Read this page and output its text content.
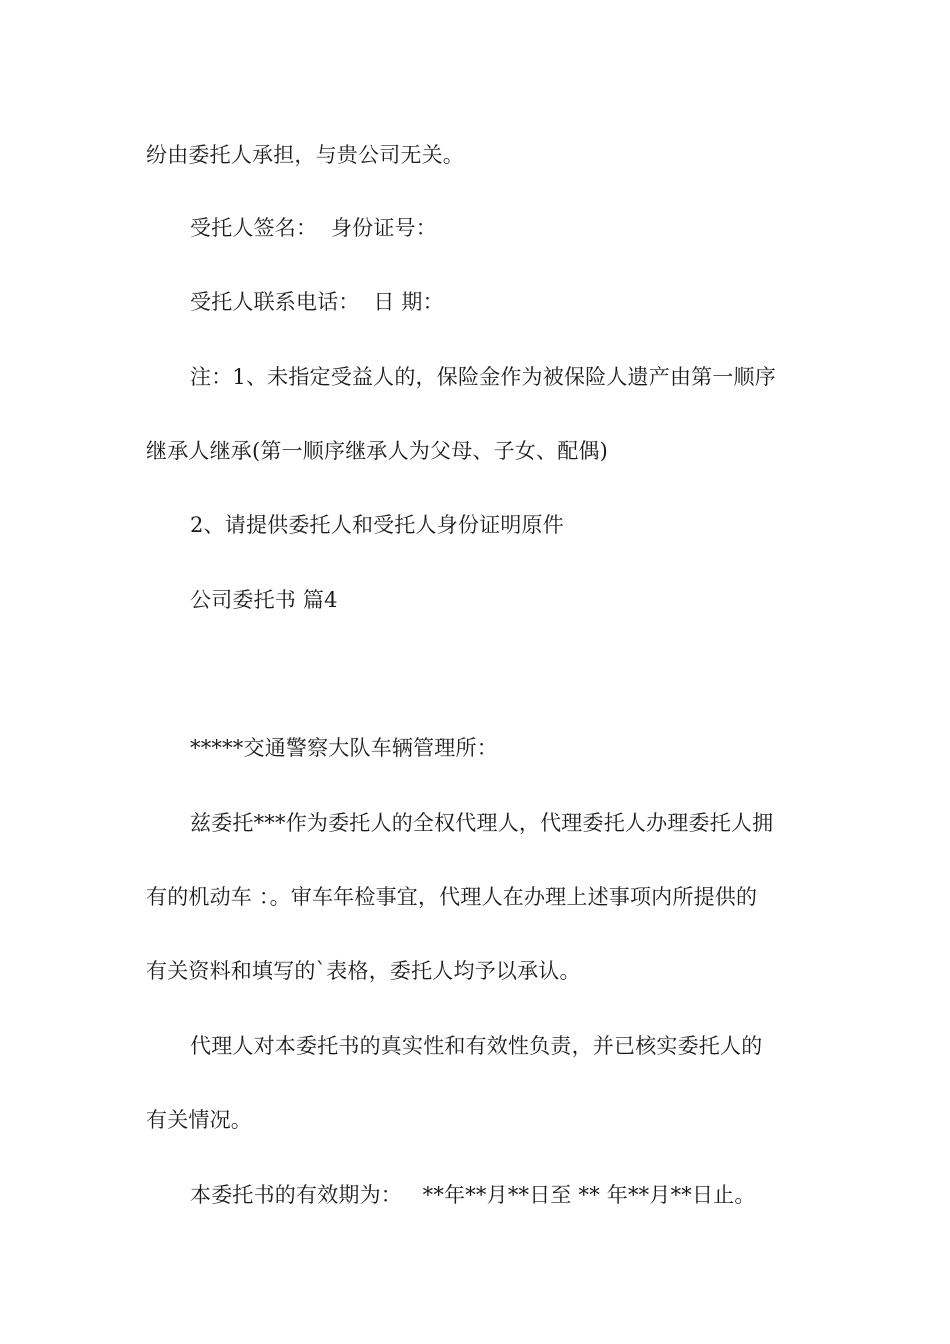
纷由委托人承担，与贵公司无关。
受托人签名：  身份证号：
受托人联系电话：  日 期：
注：1、未指定受益人的，保险金作为被保险人遗产由第一顺序
继承人继承(第一顺序继承人为父母、子女、配偶)
2、请提供委托人和受托人身份证明原件
公司委托书 篇4
*****交通警察大队车辆管理所：
兹委托***作为委托人的全权代理人，代理委托人办理委托人拥
有的机动车 ：。审车年检事宜，代理人在办理上述事项内所提供的
有关资料和填写的`表格，委托人均予以承认。
代理人对本委托书的真实性和有效性负责，并已核实委托人的
有关情况。
本委托书的有效期为：   **年**月**日至 ** 年**月**日止。
